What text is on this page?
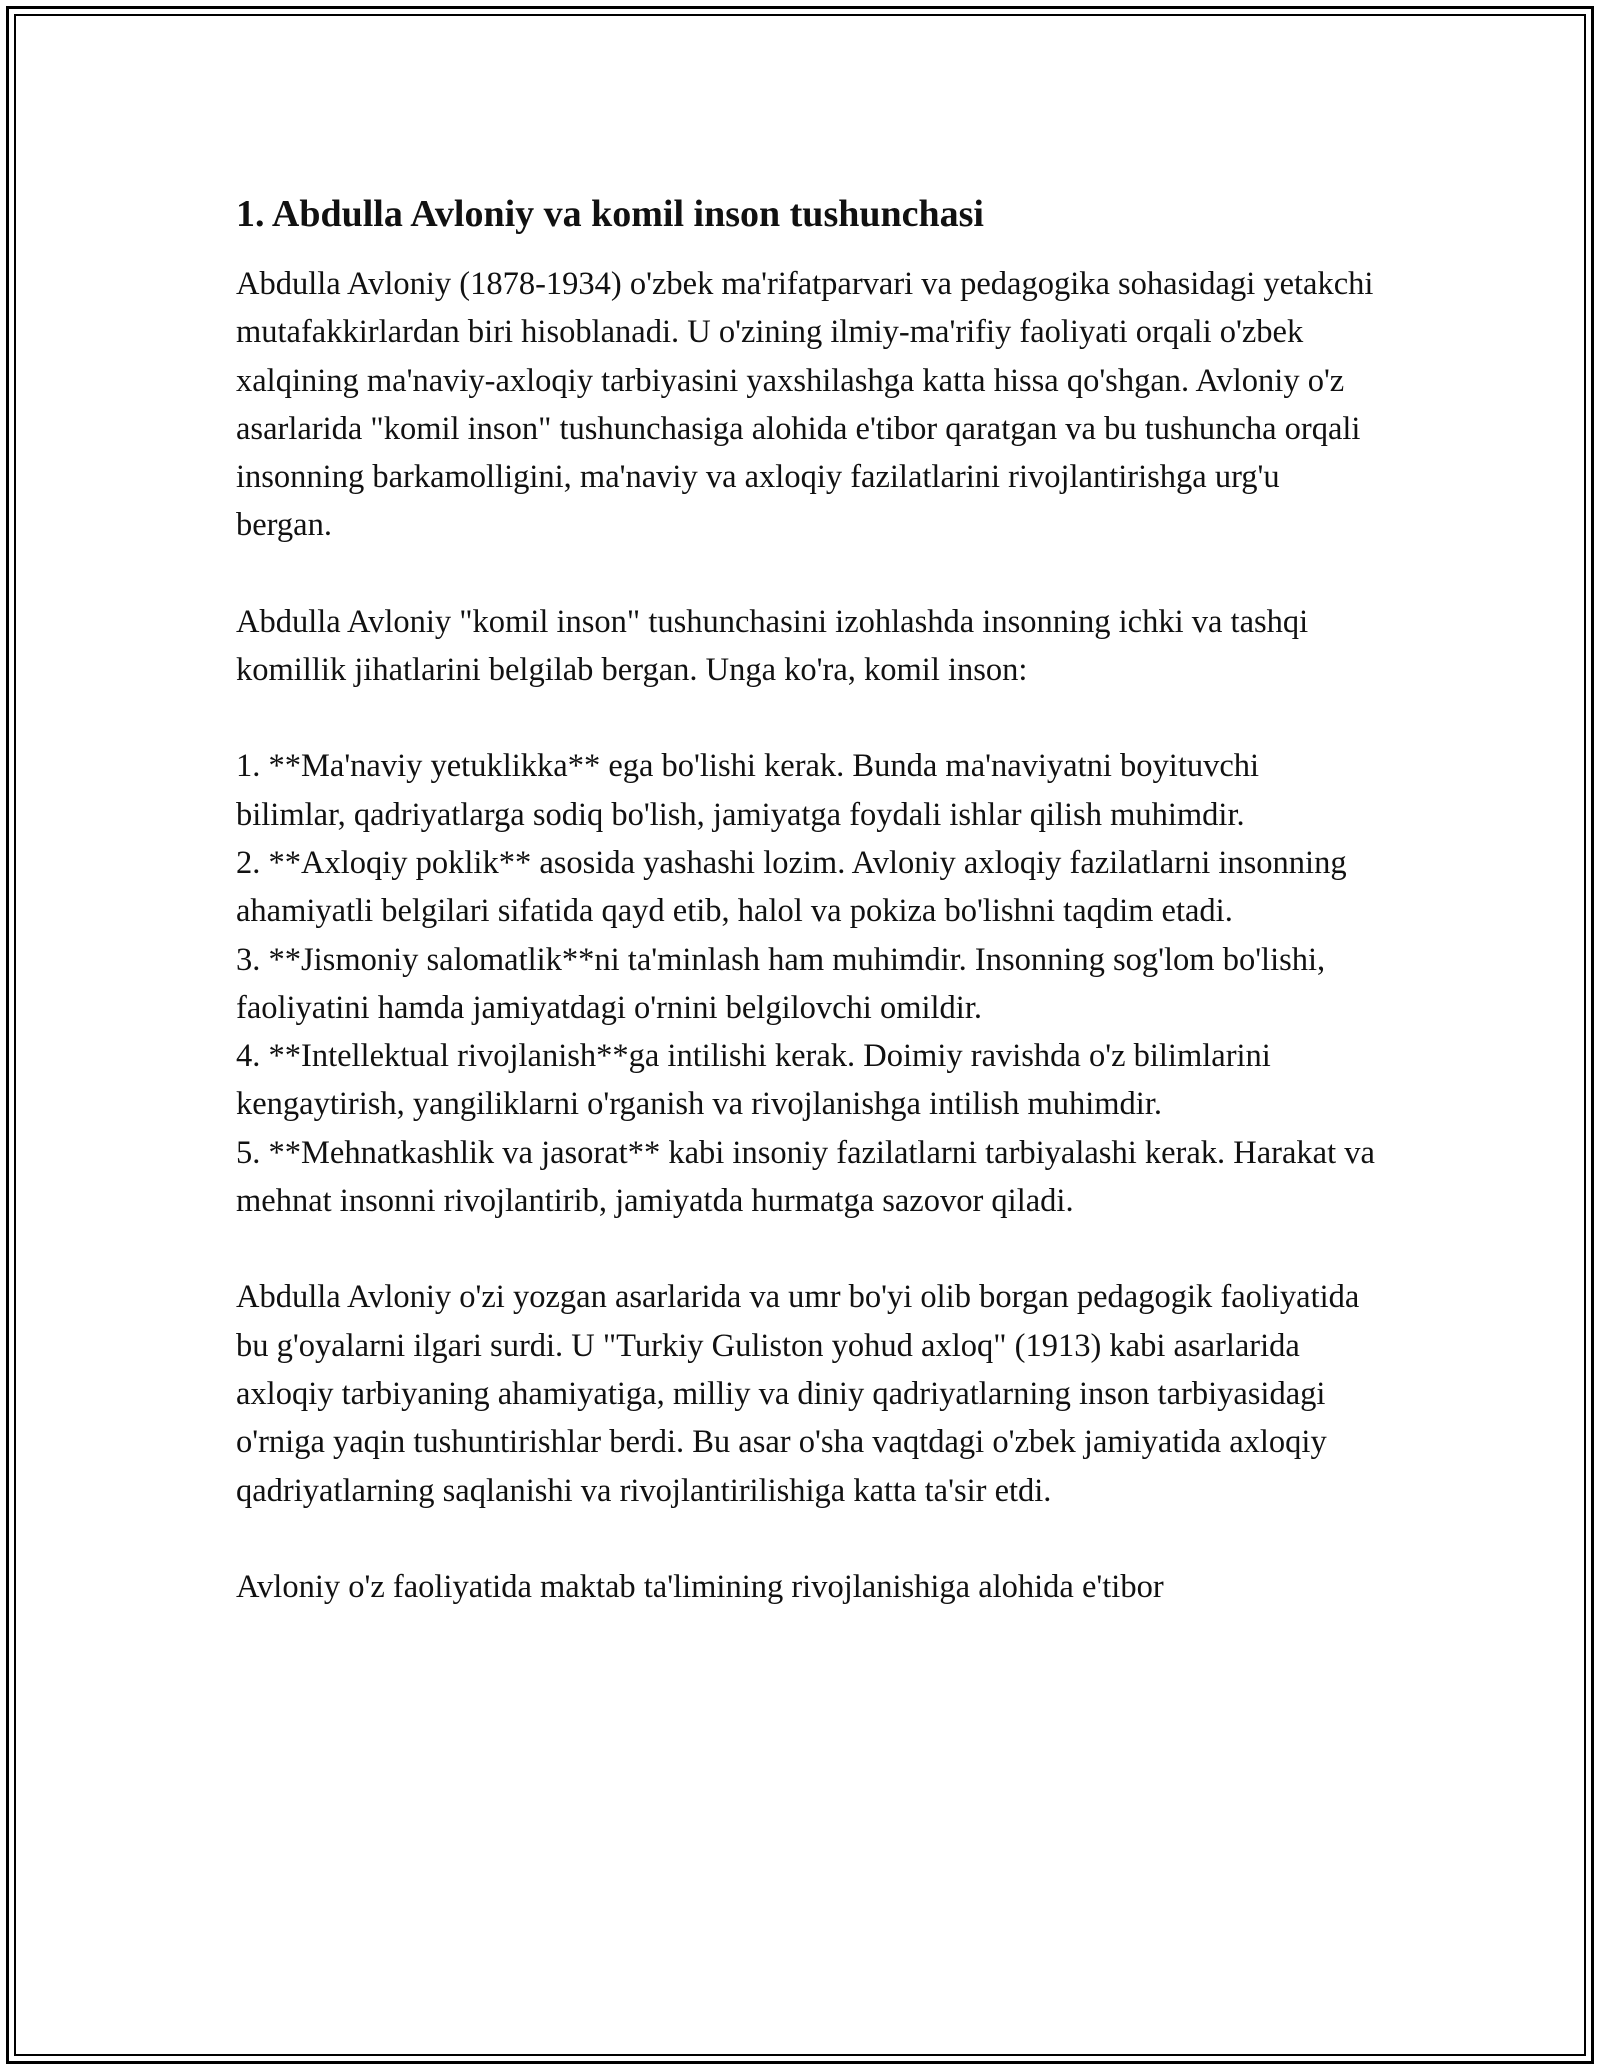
1. Abdulla Avloniy va komil inson tushunchasi

Abdulla Avloniy (1878-1934) o'zbek ma'rifatparvari va pedagogika sohasidagi yetakchi mutafakkirlardan biri hisoblanadi. U o'zining ilmiy-ma'rifiy faoliyati orqali o'zbek xalqining ma'naviy-axloqiy tarbiyasini yaxshilashga katta hissa qo'shgan. Avloniy o'z asarlarida "komil inson" tushunchasiga alohida e'tibor qaratgan va bu tushuncha orqali insonning barkamolligini, ma'naviy va axloqiy fazilatlarini rivojlantirishga urg'u bergan.

Abdulla Avloniy "komil inson" tushunchasini izohlashda insonning ichki va tashqi komillik jihatlarini belgilab bergan. Unga ko'ra, komil inson:

1. **Ma'naviy yetuklikka** ega bo'lishi kerak. Bunda ma'naviyatni boyituvchi bilimlar, qadriyatlarga sodiq bo'lish, jamiyatga foydali ishlar qilish muhimdir.

2. **Axloqiy poklik** asosida yashashi lozim. Avloniy axloqiy fazilatlarni insonning ahamiyatli belgilari sifatida qayd etib, halol va pokiza bo'lishni taqdim etadi.

3. **Jismoniy salomatlik**ni ta'minlash ham muhimdir. Insonning sog'lom bo'lishi, faoliyatini hamda jamiyatdagi o'rnini belgilovchi omildir.

4. **Intellektual rivojlanish**ga intilishi kerak. Doimiy ravishda o'z bilimlarini kengaytirish, yangiliklarni o'rganish va rivojlanishga intilish muhimdir.

5. **Mehnatkashlik va jasorat** kabi insoniy fazilatlarni tarbiyalashi kerak. Harakat va mehnat insonni rivojlantirib, jamiyatda hurmatga sazovor qiladi.

Abdulla Avloniy o'zi yozgan asarlarida va umr bo'yi olib borgan pedagogik faoliyatida bu g'oyalarni ilgari surdi. U "Turkiy Guliston yohud axloq" (1913) kabi asarlarida axloqiy tarbiyaning ahamiyatiga, milliy va diniy qadriyatlarning inson tarbiyasidagi o'rniga yaqin tushuntirishlar berdi. Bu asar o'sha vaqtdagi o'zbek jamiyatida axloqiy qadriyatlarning saqlanishi va rivojlantirilishiga katta ta'sir etdi.

Avloniy o'z faoliyatida maktab ta'limining rivojlanishiga alohida e'tibor
